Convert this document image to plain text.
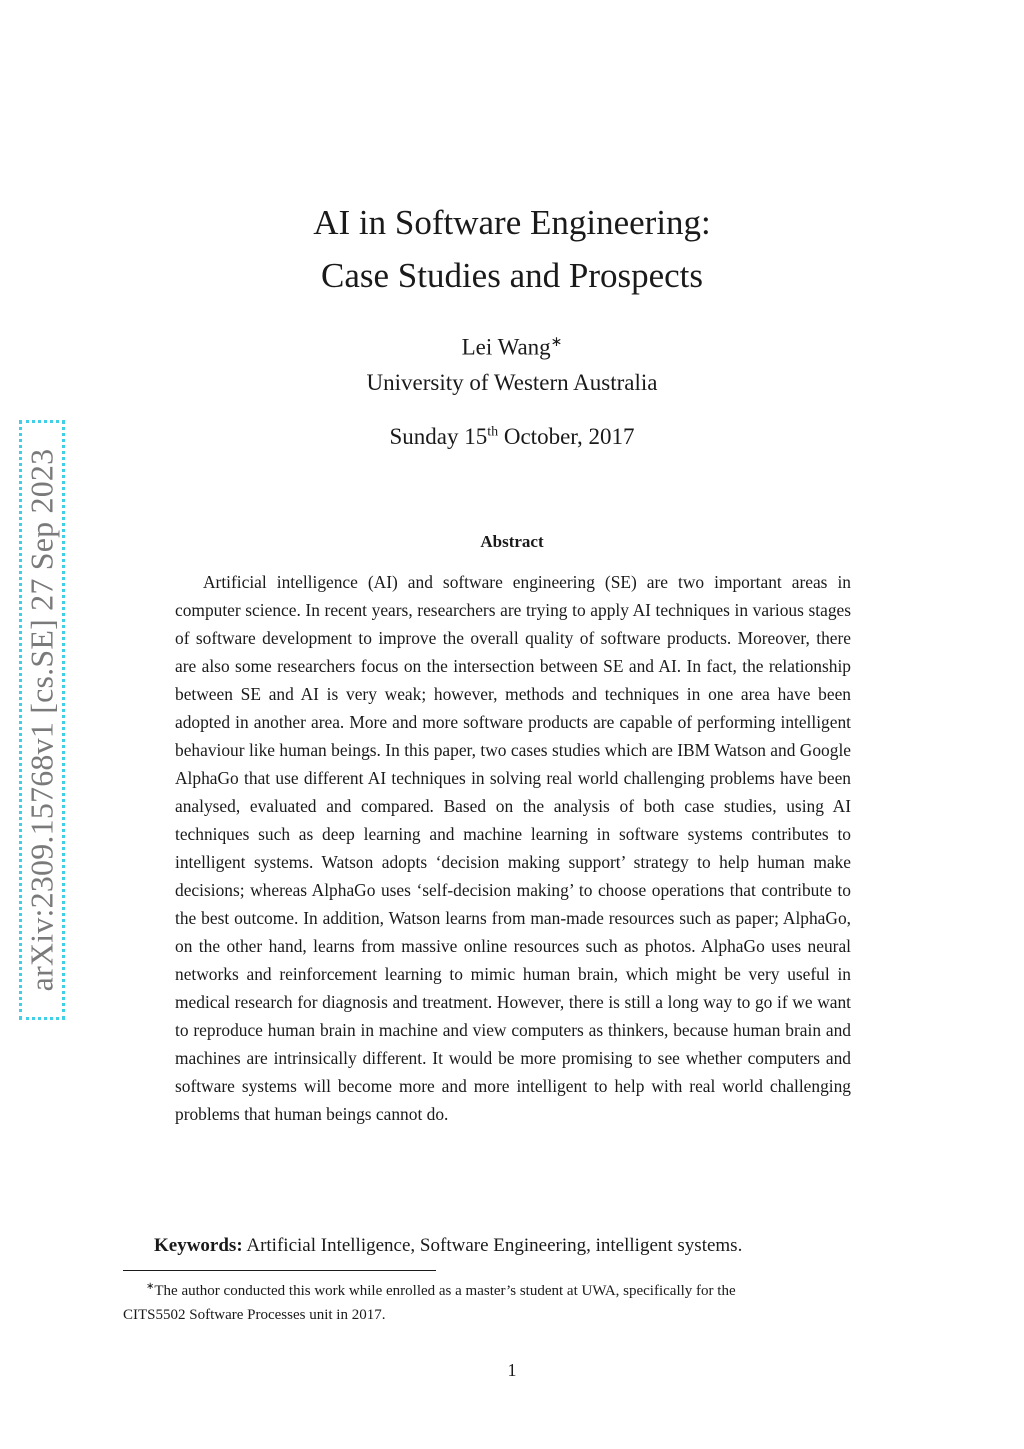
arXiv:2309.15768v1 [cs.SE] 27 Sep 2023
AI in Software Engineering:
Case Studies and Prospects
Lei Wang∗
University of Western Australia
Sunday 15th October, 2017
Abstract

Artificial intelligence (AI) and software engineering (SE) are two important areas in computer science. In recent years, researchers are trying to apply AI techniques in various stages of software development to improve the overall quality of software products. Moreover, there are also some researchers focus on the intersection between SE and AI. In fact, the relationship between SE and AI is very weak; however, methods and techniques in one area have been adopted in another area. More and more software products are capable of performing intelligent behaviour like human beings. In this paper, two cases studies which are IBM Watson and Google AlphaGo that use different AI techniques in solving real world challenging problems have been analysed, evaluated and compared. Based on the analysis of both case studies, using AI techniques such as deep learning and machine learning in software systems contributes to intelligent systems. Watson adopts ‘decision making support’ strategy to help human make decisions; whereas AlphaGo uses ‘self-decision making’ to choose operations that contribute to the best outcome. In addition, Watson learns from man-made resources such as paper; AlphaGo, on the other hand, learns from massive online resources such as photos. AlphaGo uses neural networks and reinforcement learning to mimic human brain, which might be very useful in medical research for diagnosis and treatment. However, there is still a long way to go if we want to reproduce human brain in machine and view computers as thinkers, because human brain and machines are intrinsically different. It would be more promising to see whether computers and software systems will become more and more intelligent to help with real world challenging problems that human beings cannot do.

Keywords: Artificial Intelligence, Software Engineering, intelligent systems.
∗The author conducted this work while enrolled as a master’s student at UWA, specifically for the
CITS5502 Software Processes unit in 2017.
1
